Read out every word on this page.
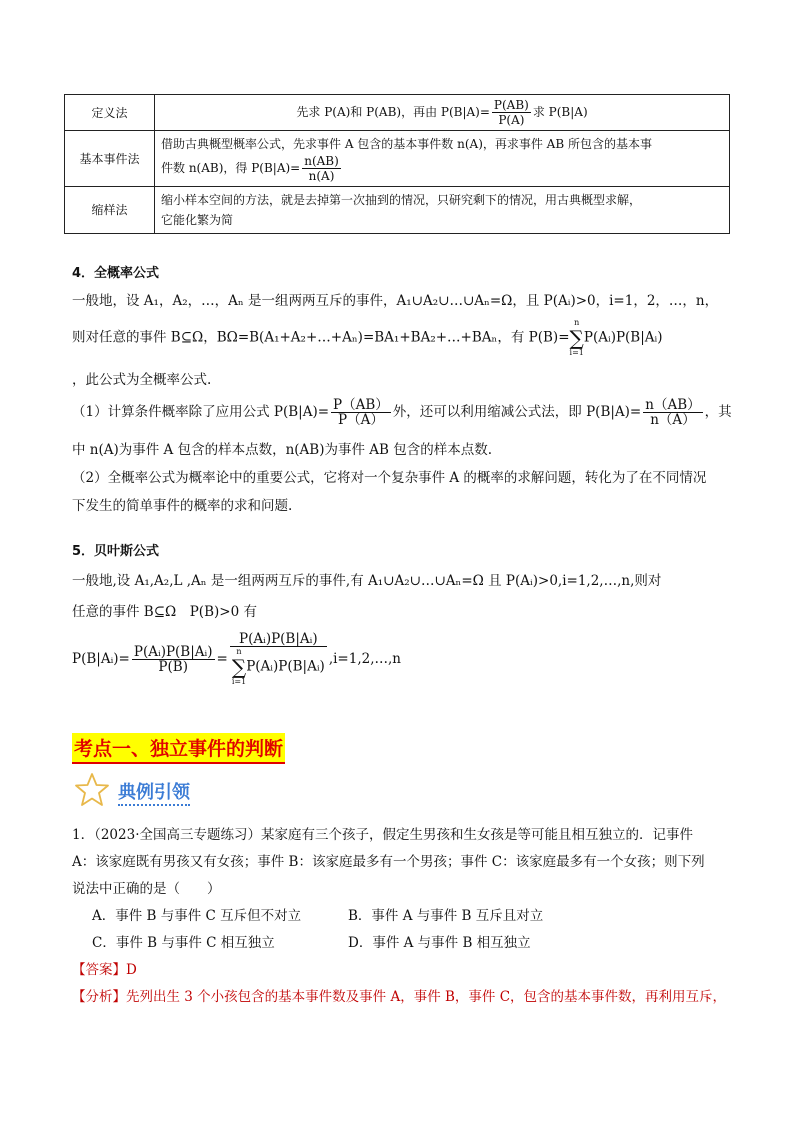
定义法	先求 P(A)和 P(AB)，再由 $P(B|A)= \frac{P(AB)}{P(A)}$ 求 P(B|A)
基本事件法	借助古典概型概率公式，先求事件 A 包含的基本事件数 n(A)，再求事件 AB 所包含的基本事
件数 n(AB)，得 $P(B|A)= \frac{n(AB)}{n(A)}$

缩样法	缩小样本空间的方法，就是去掉第一次抽到的情况，只研究剩下的情况，用古典概型求解，
它能化繁为简
4．全概率公式
一般地，设 A₁，A₂，…，Aₙ 是一组两两互斥的事件，A₁∪A₂∪…∪Aₙ=Ω，且 P(Aᵢ)>0，i=1，2，…，n，
则对任意的事件 B⊆Ω，BΩ=B(A₁+A₂+…+Aₙ)=BA₁+BA₂+…+BAₙ，有 P(B)=
n
∑
i=1
P(Aᵢ)P(B|Aᵢ)
，此公式为全概率公式.
（1）计算条件概率除了应用公式 $P(B|A)= \frac{P(AB)}{P(A)}$ 外，还可以利用缩减公式法，即 $P(B|A)= \frac{n(AB)}{n(A)}$ ，其
中 n(A)为事件 A 包含的样本点数，n(AB)为事件 AB 包含的样本点数.
（2）全概率公式为概率论中的重要公式，它将对一个复杂事件 A 的概率的求解问题，转化为了在不同情况
下发生的简单事件的概率的求和问题.
5．贝叶斯公式
一般地,设 A₁,A₂,L ,Aₙ 是一组两两互斥的事件,有 A₁∪A₂∪…∪Aₙ=Ω 且 P(Aᵢ)>0,i=1,2,…,n,则对
任意的事件 B⊆Ω　P(B)>0 有
P(B|Aᵢ)= $\frac{\text{P(Aᵢ)P(B|Aᵢ)}}{P(B)}$ = P(Aᵢ)P(B|Aᵢ)
n
∑
i=1
P(Aᵢ)P(B|Aᵢ) ,i=1,2,…,n
考点一、独立事件的判断
典例引领
1．（2023·全国高三专题练习）某家庭有三个孩子，假定生男孩和生女孩是等可能且相互独立的．记事件
A：该家庭既有男孩又有女孩；事件 B：该家庭最多有一个男孩；事件 C：该家庭最多有一个女孩；则下列
说法中正确的是（　　）
A．事件 B 与事件 C 互斥但不对立	B．事件 A 与事件 B 互斥且对立
C．事件 B 与事件 C 相互独立	D．事件 A 与事件 B 相互独立
【答案】D
【分析】先列出生 3 个小孩包含的基本事件数及事件 A，事件 B，事件 C，包含的基本事件数，再利用互斥，
